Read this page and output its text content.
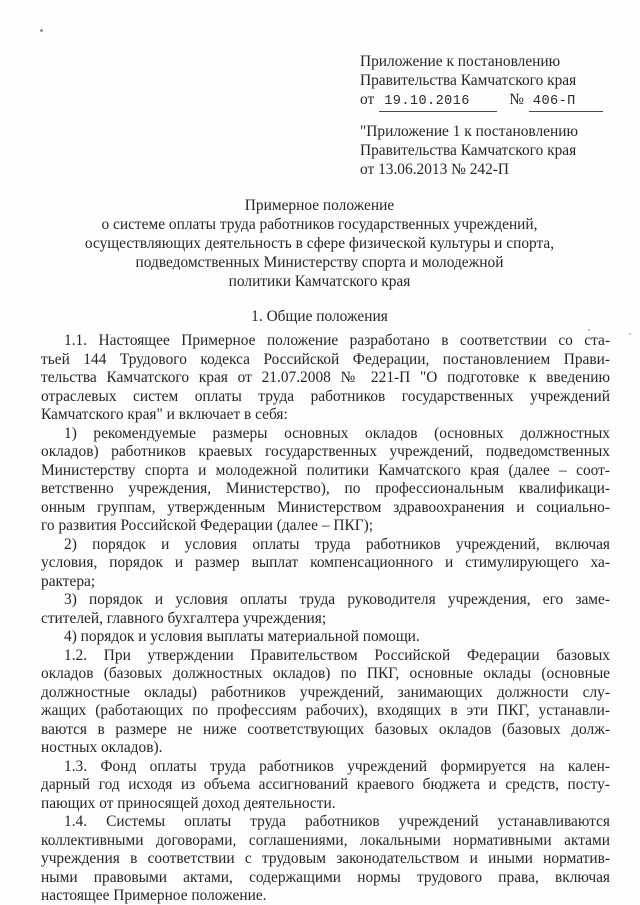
Приложение к постановлению
Правительства Камчатского края
от 19.10.2016	№ 406-П
"Приложение 1 к постановлению
Правительства Камчатского края
от 13.06.2013 № 242-П
Примерное положение
о системе оплаты труда работников государственных учреждений,
осуществляющих деятельность в сфере физической культуры и спорта,
подведомственных Министерству спорта и молодежной
политики Камчатского края
1. Общие положения
1.1. Настоящее Примерное положение разработано в соответствии со ста-
тьей 144 Трудового кодекса Российской Федерации, постановлением Прави-
тельства Камчатского края от 21.07.2008 № 221-П "О подготовке к введению
отраслевых систем оплаты труда работников государственных учреждений
Камчатского края" и включает в себя:
1) рекомендуемые размеры основных окладов (основных должностных
окладов) работников краевых государственных учреждений, подведомственных
Министерству спорта и молодежной политики Камчатского края (далее – соот-
ветственно учреждения, Министерство), по профессиональным квалификаци-
онным группам, утвержденным Министерством здравоохранения и социально-
го развития Российской Федерации (далее – ПКГ);
2) порядок и условия оплаты труда работников учреждений, включая
условия, порядок и размер выплат компенсационного и стимулирующего ха-
рактера;
3) порядок и условия оплаты труда руководителя учреждения, его заме-
стителей, главного бухгалтера учреждения;
4) порядок и условия выплаты материальной помощи.
1.2. При утверждении Правительством Российской Федерации базовых
окладов (базовых должностных окладов) по ПКГ, основные оклады (основные
должностные оклады) работников учреждений, занимающих должности слу-
жащих (работающих по профессиям рабочих), входящих в эти ПКГ, устанавли-
ваются в размере не ниже соответствующих базовых окладов (базовых долж-
ностных окладов).
1.3. Фонд оплаты труда работников учреждений формируется на кален-
дарный год исходя из объема ассигнований краевого бюджета и средств, посту-
пающих от приносящей доход деятельности.
1.4. Системы оплаты труда работников учреждений устанавливаются
коллективными договорами, соглашениями, локальными нормативными актами
учреждения в соответствии с трудовым законодательством и иными норматив-
ными правовыми актами, содержащими нормы трудового права, включая
настоящее Примерное положение.
